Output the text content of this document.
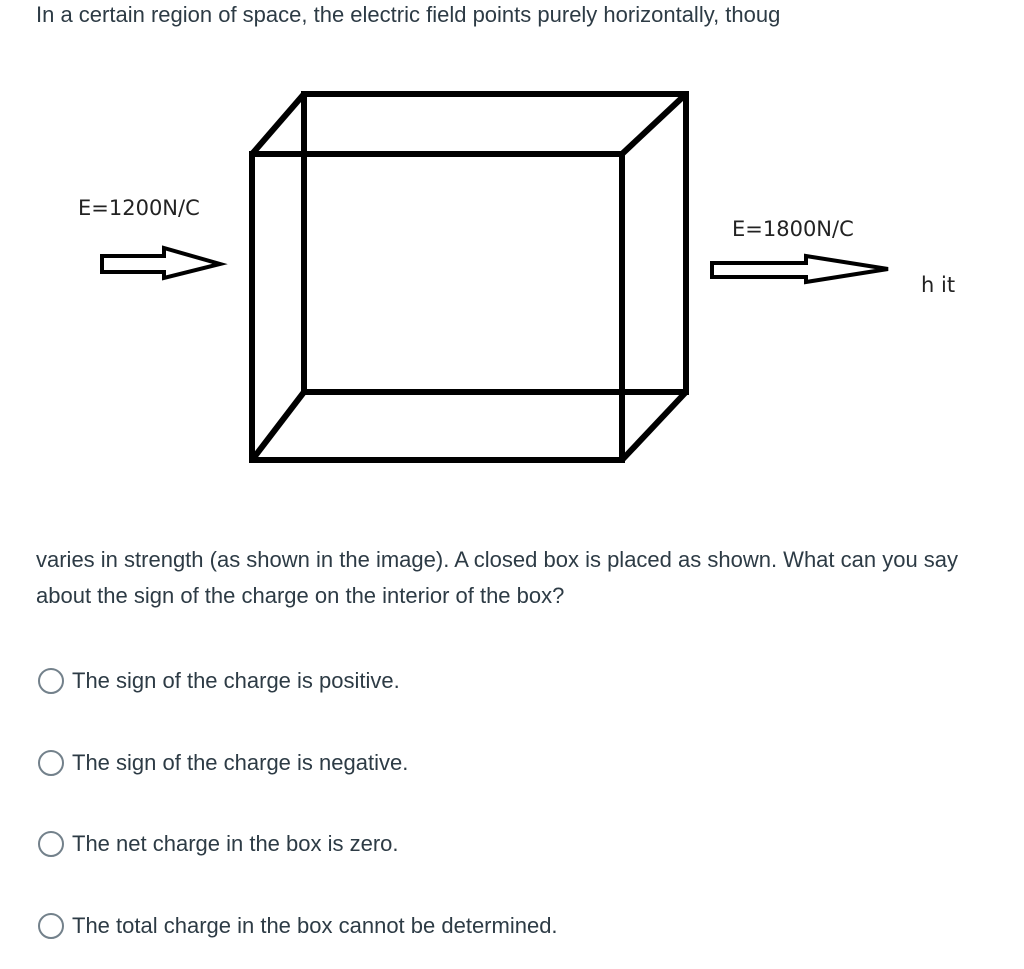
In a certain region of space, the electric field points purely horizontally, thoug
E=1200N/C
E=1800N/C
h it
varies in strength (as shown in the image). A closed box is placed as shown. What can you say about the sign of the charge on the interior of the box?
The sign of the charge is positive.
The sign of the charge is negative.
The net charge in the box is zero.
The total charge in the box cannot be determined.
